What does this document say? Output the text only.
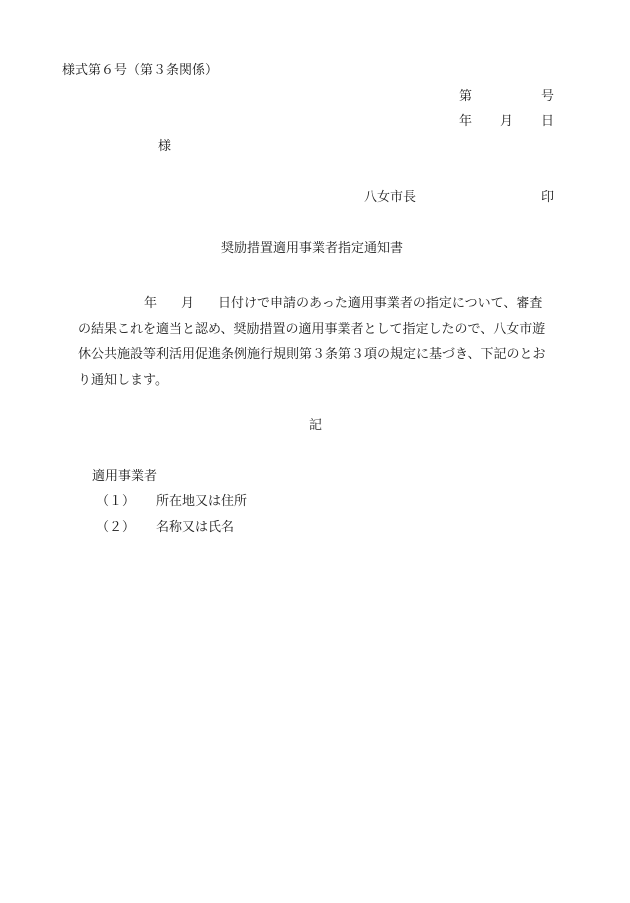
様式第６号（第３条関係）
第	号
年 月 日
様
八女市長	印
奨励措置適用事業者指定通知書
年 月 日付けで申請のあった適用事業者の指定について、審査
の結果これを適当と認め、奨励措置の適用事業者として指定したので、八女市遊
休公共施設等利活用促進条例施行規則第３条第３項の規定に基づき、下記のとお
り通知します。
記
適用事業者
（１） 所在地又は住所
（２） 名称又は氏名
